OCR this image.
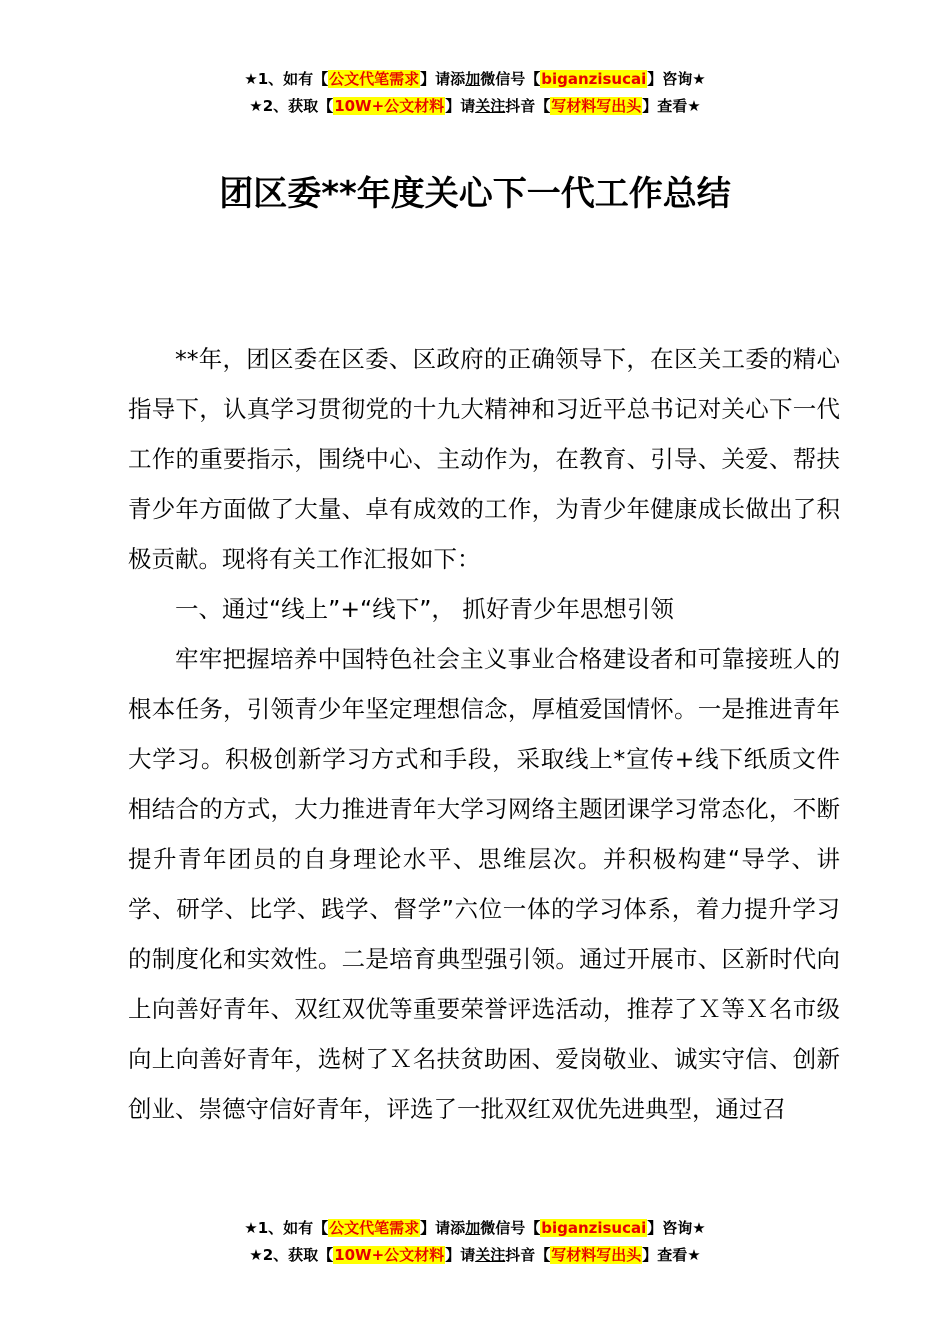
★1、如有【公文代笔需求】请添加微信号【biganzisucai】咨询★
★2、获取【10W+公文材料】请关注抖音【写材料写出头】查看★
团区委**年度关心下一代工作总结

**年，团区委在区委、区政府的正确领导下，在区关工委的精心指导下，认真学习贯彻党的十九大精神和习近平总书记对关心下一代工作的重要指示，围绕中心、主动作为，在教育、引导、关爱、帮扶青少年方面做了大量、卓有成效的工作，为青少年健康成长做出了积极贡献。现将有关工作汇报如下：

一、通过“线上”+“线下”， 抓好青少年思想引领

牢牢把握培养中国特色社会主义事业合格建设者和可靠接班人的根本任务，引领青少年坚定理想信念，厚植爱国情怀。一是推进青年大学习。积极创新学习方式和手段，采取线上*宣传+线下纸质文件相结合的方式，大力推进青年大学习网络主题团课学习常态化，不断提升青年团员的自身理论水平、思维层次。并积极构建“导学、讲学、研学、比学、践学、督学”六位一体的学习体系，着力提升学习的制度化和实效性。二是培育典型强引领。通过开展市、区新时代向上向善好青年、双红双优等重要荣誉评选活动，推荐了Ｘ等Ｘ名市级向上向善好青年，选树了Ｘ名扶贫助困、爱岗敬业、诚实守信、创新创业、崇德守信好青年，评选了一批双红双优先进典型，通过召

★1、如有【公文代笔需求】请添加微信号【biganzisucai】咨询★
★2、获取【10W+公文材料】请关注抖音【写材料写出头】查看★
